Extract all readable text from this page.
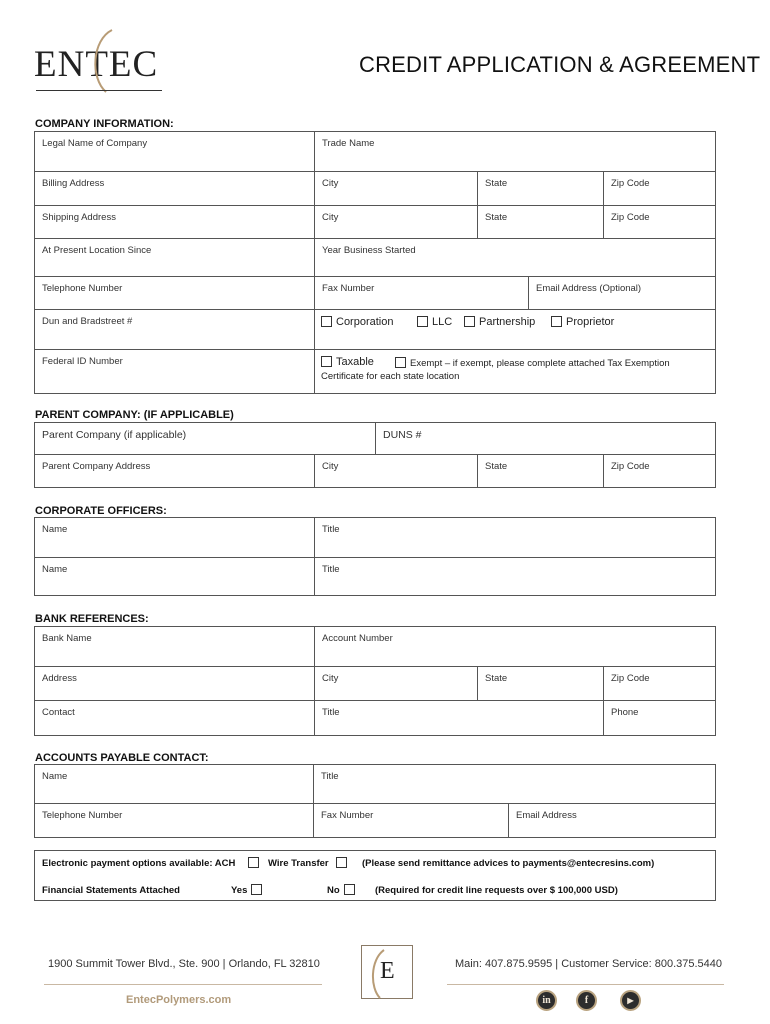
ENTEC	CREDIT APPLICATION & AGREEMENT
COMPANY INFORMATION:
Legal Name of Company	Trade Name
Billing Address	City	State	Zip Code
Shipping Address	City	State	Zip Code
At Present Location Since	Year Business Started
Telephone Number	Fax Number	Email Address (Optional)
Dun and Bradstreet #	Corporation	LLC	Partnership	Proprietor
Federal ID Number	Taxable	Exempt – if exempt, please complete attached Tax Exemption
Certificate for each state location
PARENT COMPANY: (IF APPLICABLE)
Parent Company (if applicable)	DUNS #
Parent Company Address	City	State	Zip Code
CORPORATE OFFICERS:
Name	Title
Name	Title
BANK REFERENCES:
Bank Name	Account Number
Address	City	State	Zip Code
Contact	Title	Phone
ACCOUNTS PAYABLE CONTACT:
Name	Title
Telephone Number	Fax Number	Email Address
Electronic payment options available: ACH	Wire Transfer	(Please send remittance advices to payments@entecresins.com)
Financial Statements Attached	Yes	No	(Required for credit line requests over $ 100,000 USD)
1900 Summit Tower Blvd., Ste. 900 | Orlando, FL 32810	Main: 407.875.9595 | Customer Service: 800.375.5440
E
EntecPolymers.com	in	f	▶
